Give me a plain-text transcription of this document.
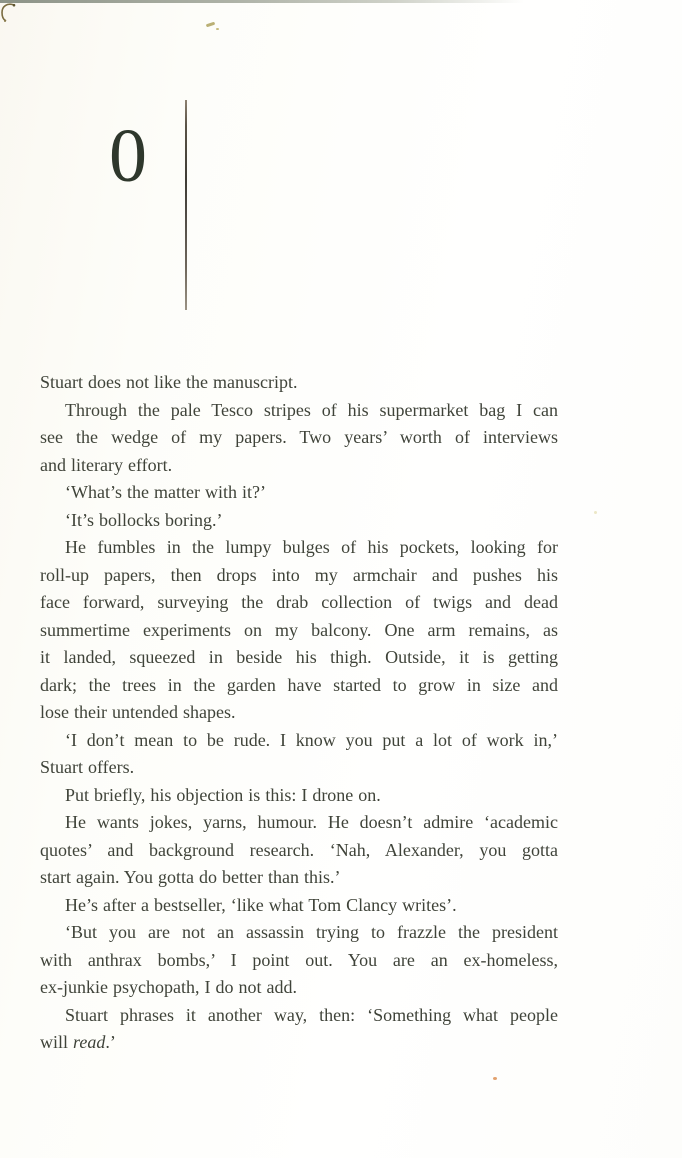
0
Stuart does not like the manuscript.
Through the pale Tesco stripes of his supermarket bag I can
see the wedge of my papers. Two years’ worth of interviews
and literary effort.
‘What’s the matter with it?’
‘It’s bollocks boring.’
He fumbles in the lumpy bulges of his pockets, looking for
roll-up papers, then drops into my armchair and pushes his
face forward, surveying the drab collection of twigs and dead
summertime experiments on my balcony. One arm remains, as
it landed, squeezed in beside his thigh. Outside, it is getting
dark; the trees in the garden have started to grow in size and
lose their untended shapes.
‘I don’t mean to be rude. I know you put a lot of work in,’
Stuart offers.
Put briefly, his objection is this: I drone on.
He wants jokes, yarns, humour. He doesn’t admire ‘academic
quotes’ and background research. ‘Nah, Alexander, you gotta
start again. You gotta do better than this.’
He’s after a bestseller, ‘like what Tom Clancy writes’.
‘But you are not an assassin trying to frazzle the president
with anthrax bombs,’ I point out. You are an ex-homeless,
ex-junkie psychopath, I do not add.
Stuart phrases it another way, then: ‘Something what people
will read.’
